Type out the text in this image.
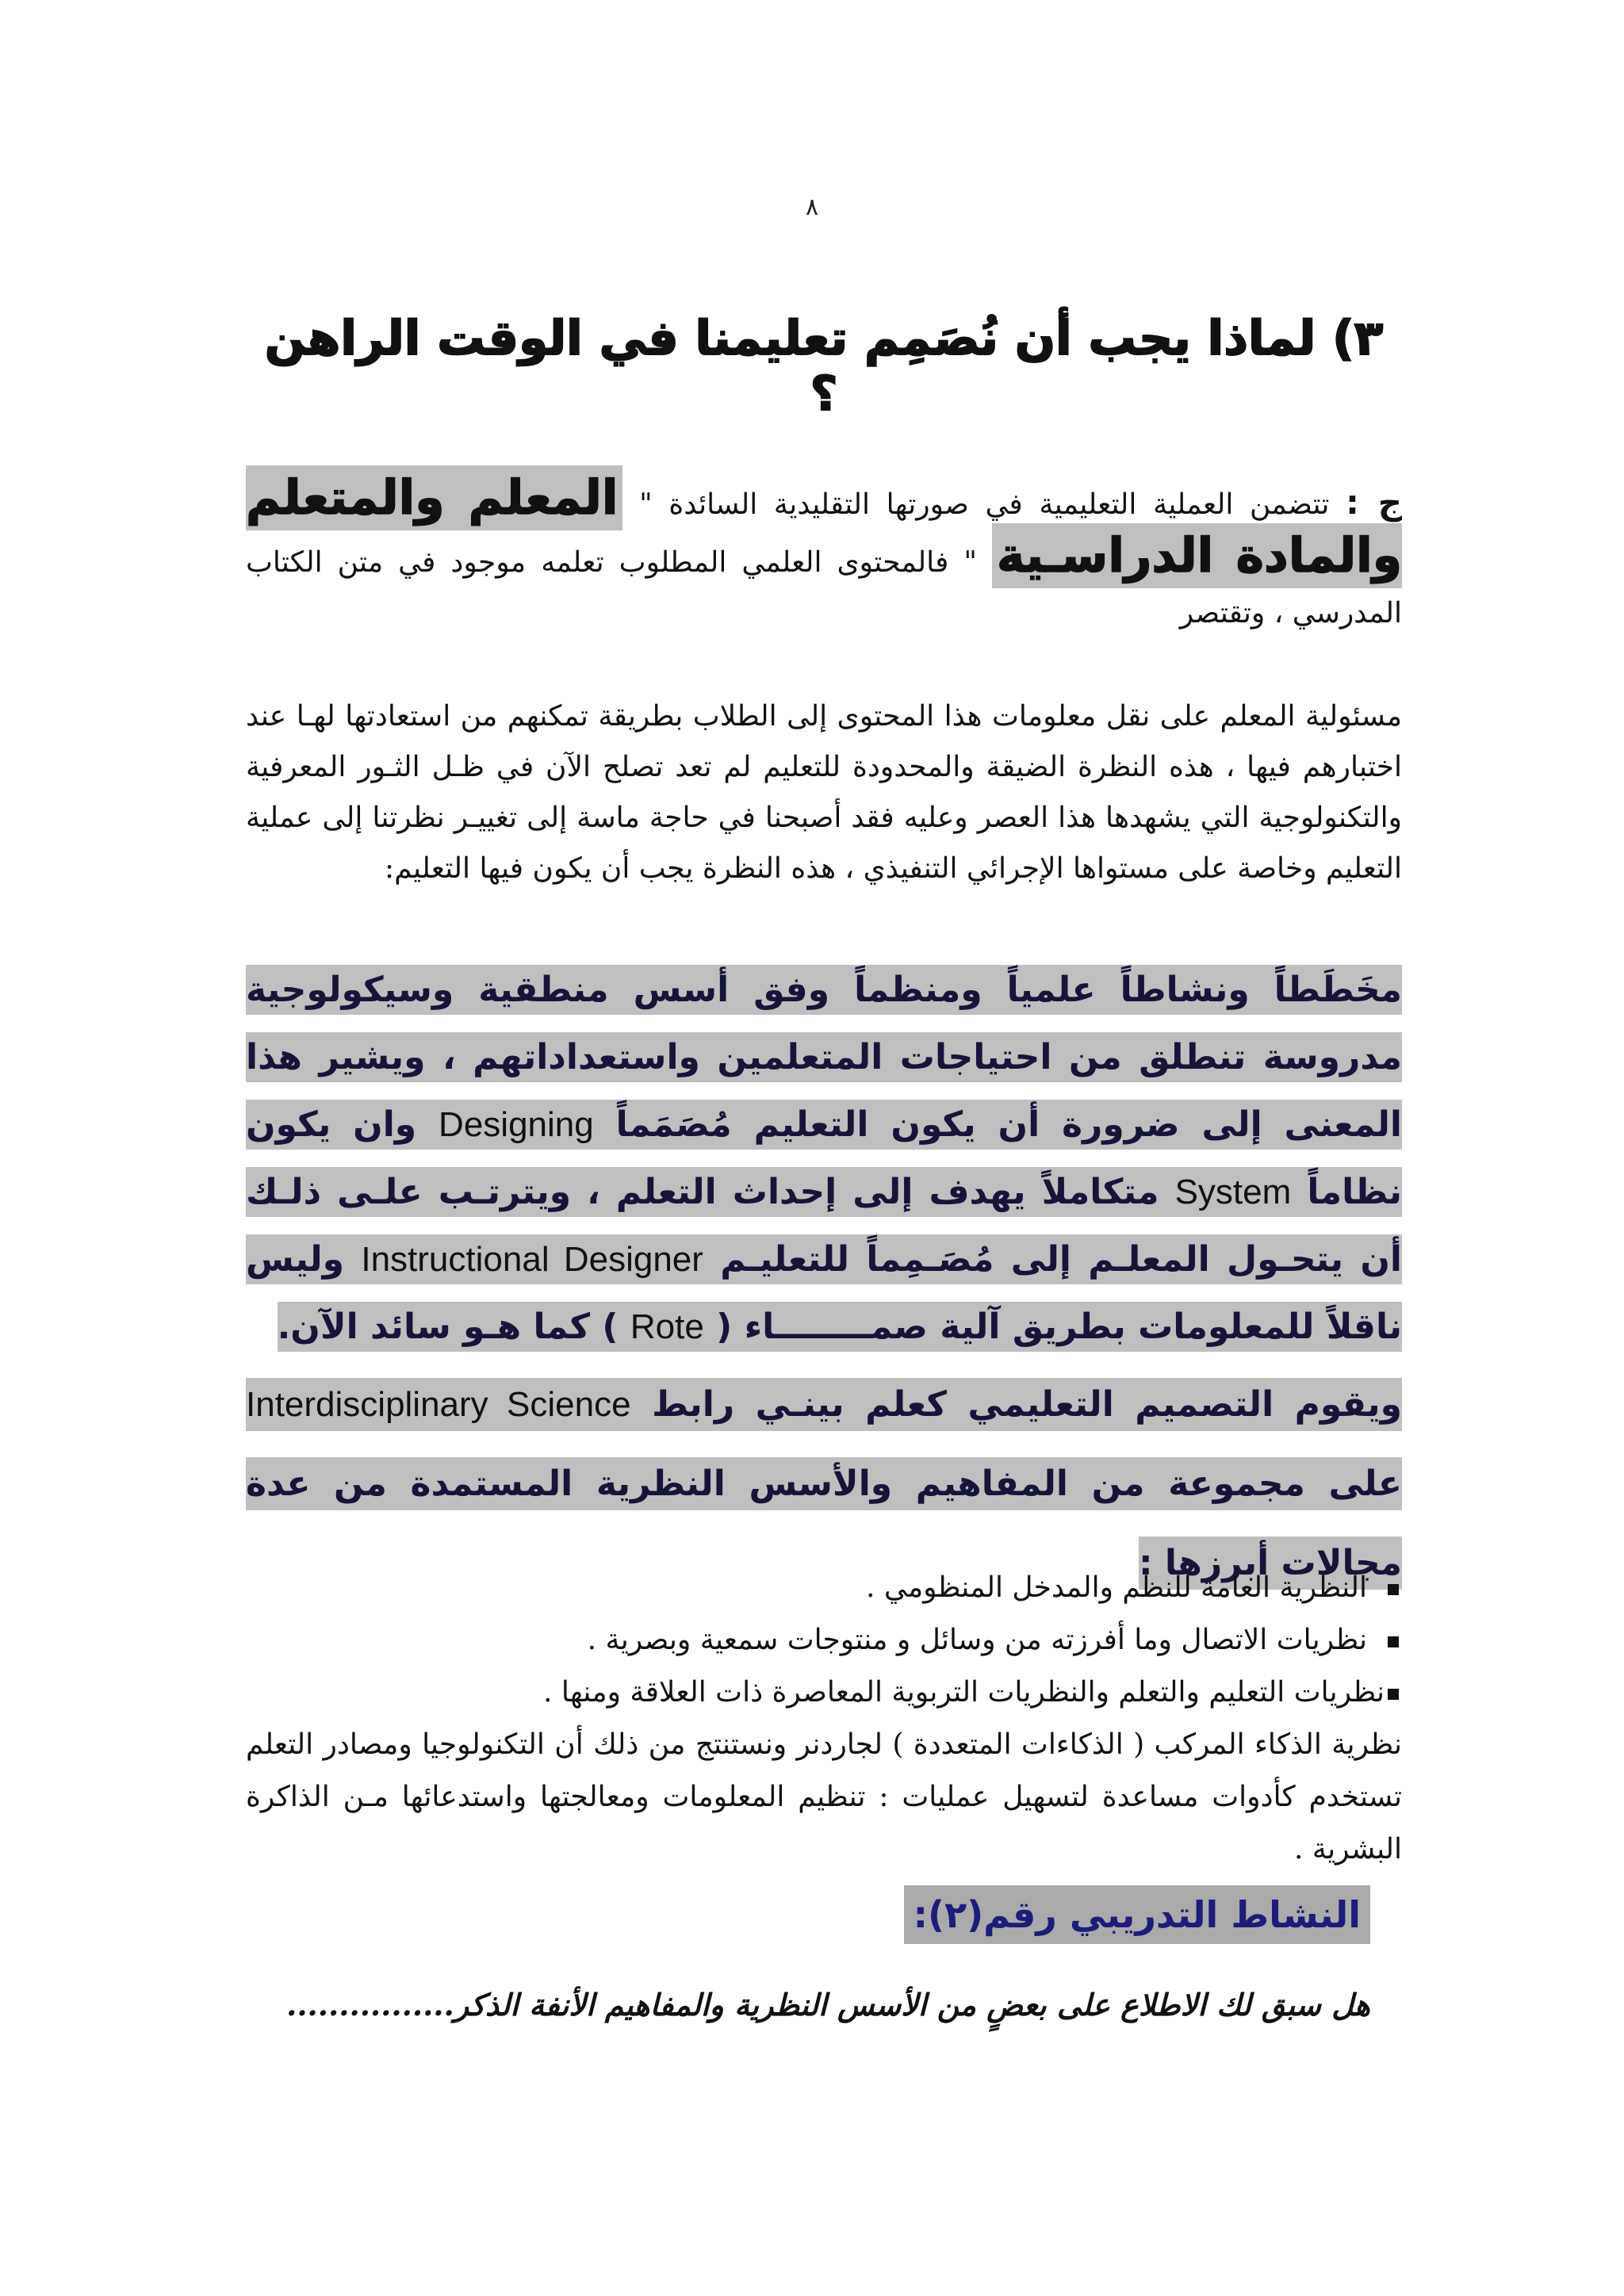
٨
٣) لماذا يجب أن نُصَمِم تعليمنا في الوقت الراهن ؟
ج : تتضمن العملية التعليمية في صورتها التقليدية السائدة " المعلم والمتعلم والمادة الدراسـية " فالمحتوى العلمي المطلوب تعلمه موجود في متن الكتاب المدرسي ، وتقتصر
مسئولية المعلم على نقل معلومات هذا المحتوى إلى الطلاب بطريقة تمكنهم من استعادتها لهـا عند اختبارهم فيها ، هذه النظرة الضيقة والمحدودة للتعليم لم تعد تصلح الآن في ظـل الثـور المعرفية والتكنولوجية التي يشهدها هذا العصر وعليه فقد أصبحنا في حاجة ماسة إلى تغييـر نظرتنا إلى عملية التعليم وخاصة على مستواها الإجرائي التنفيذي ، هذه النظرة يجب أن يكون فيها التعليم:
مخَطَطاً ونشاطاً علمياً ومنظماً وفق أسس منطقية وسيكولوجية مدروسة تنطلق من احتياجات المتعلمين واستعداداتهم ، ويشير هذا المعنى إلى ضرورة أن يكون التعليم مُصَمَماً Designing وان يكون نظاماً System متكاملاً يهدف إلى إحداث التعلم ، ويترتـب علـى ذلـك أن يتحـول المعلـم إلى مُصَـمِماً للتعليـم Instructional Designer وليس ناقلاً للمعلومات بطريق آلية صمــــــــاء ( Rote ) كما هـو سائد الآن.
ويقوم التصميم التعليمي كعلم بينـي رابط Interdisciplinary Science على مجموعة من المفاهيم والأسس النظرية المستمدة من عدة مجالات أبرزها :
النظرية العامة للنظم والمدخل المنظومي .
نظريات الاتصال وما أفرزته من وسائل و منتوجات سمعية وبصرية .
نظريات التعليم والتعلم والنظريات التربوية المعاصرة ذات العلاقة ومنها .
نظرية الذكاء المركب ( الذكاءات المتعددة ) لجاردنر ونستنتج من ذلك أن التكنولوجيا ومصادر التعلم تستخدم كأدوات مساعدة لتسهيل عمليات : تنظيم المعلومات ومعالجتها واستدعائها مـن الذاكرة البشرية .
النشاط التدريبي رقم(٢):
هل سبق لك الاطلاع على بعضٍ من الأسس النظرية والمفاهيم الأنفة الذكر................
